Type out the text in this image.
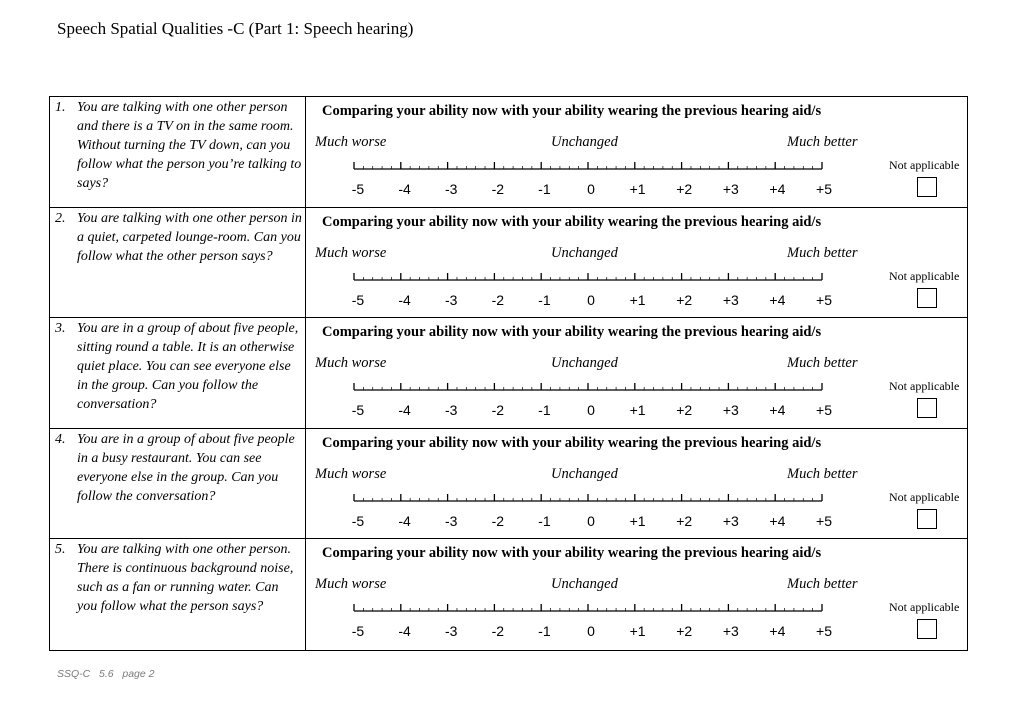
Speech Spatial Qualities -C (Part 1: Speech hearing)
1. You are talking with one other person and there is a TV on in the same room. Without turning the TV down, can you follow what the person you’re talking to says?
Comparing your ability now with your ability wearing the previous hearing aid/s
Much worse	Unchanged	Much better
-5 -4 -3 -2 -1	0 +1 +2 +3 +4 +5
Not applicable
2. You are talking with one other person in a quiet, carpeted lounge-room. Can you follow what the other person says?
Comparing your ability now with your ability wearing the previous hearing aid/s
Much worse	Unchanged	Much better
-5 -4 -3 -2 -1	0 +1 +2 +3 +4 +5
Not applicable
3. You are in a group of about five people, sitting round a table. It is an otherwise quiet place. You can see everyone else in the group. Can you follow the conversation?
Comparing your ability now with your ability wearing the previous hearing aid/s
Much worse	Unchanged	Much better
-5 -4 -3 -2 -1	0 +1 +2 +3 +4 +5
Not applicable
4. You are in a group of about five people in a busy restaurant. You can see everyone else in the group. Can you follow the conversation?
Comparing your ability now with your ability wearing the previous hearing aid/s
Much worse	Unchanged	Much better
-5 -4 -3 -2 -1	0 +1 +2 +3 +4 +5
Not applicable
5. You are talking with one other person. There is continuous background noise, such as a fan or running water. Can you follow what the person says?
Comparing your ability now with your ability wearing the previous hearing aid/s
Much worse	Unchanged	Much better
-5 -4 -3 -2 -1	0 +1 +2 +3 +4 +5
Not applicable
SSQ-C   5.6   page 2
